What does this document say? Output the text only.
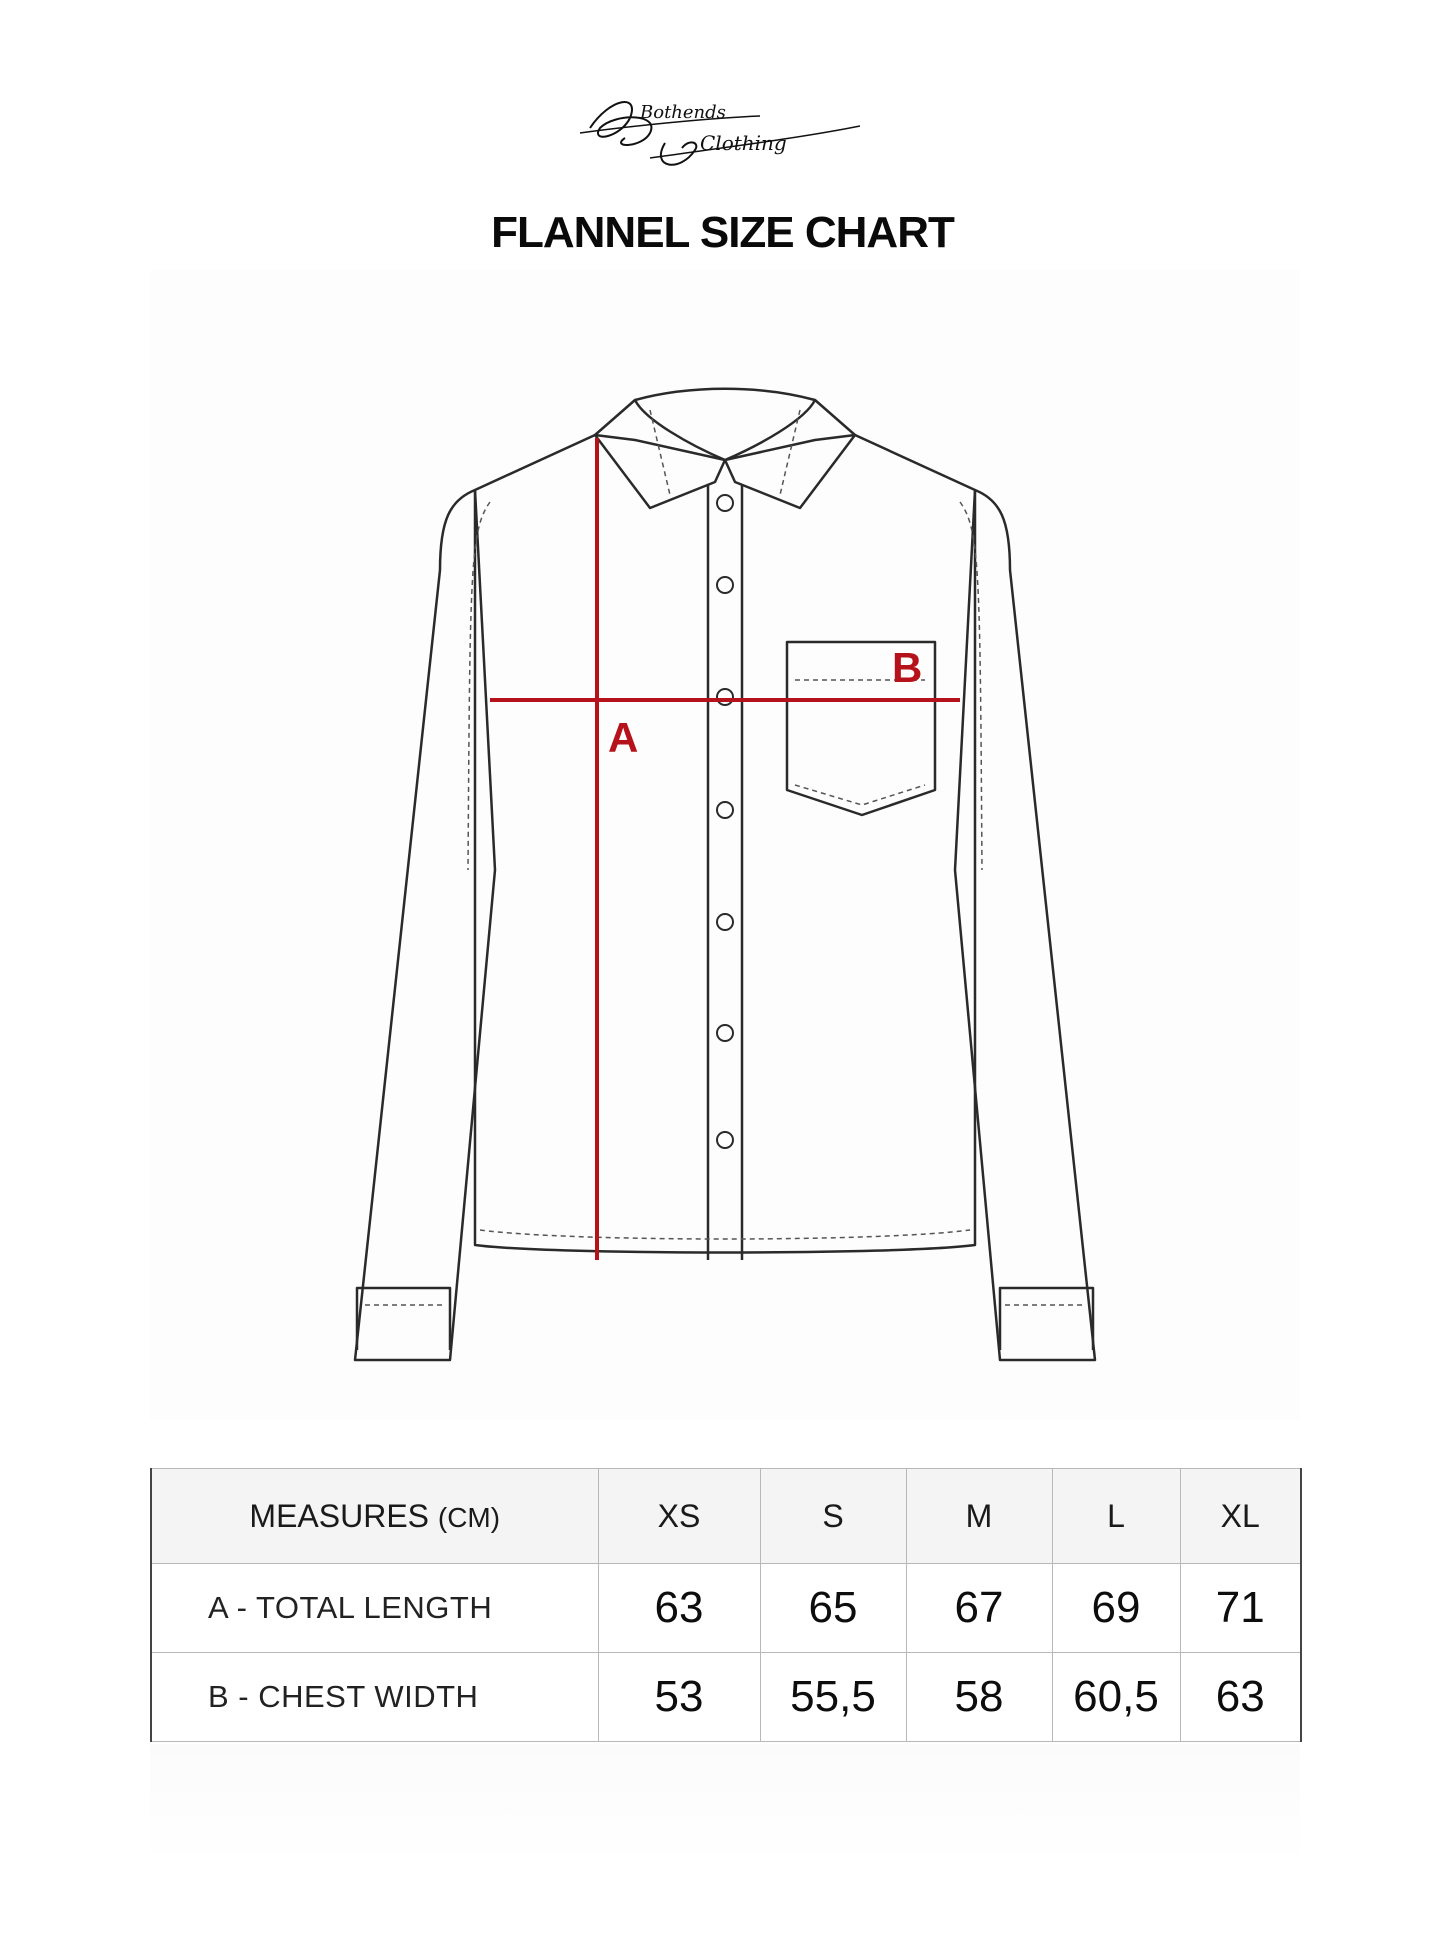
Bothends
Clothing
FLANNEL SIZE CHART
A
B
MEASURES (CM)	XS	S	M	L	XL
A - TOTAL LENGTH	63	65	67	69	71
B - CHEST WIDTH	53	55,5	58	60,5	63
